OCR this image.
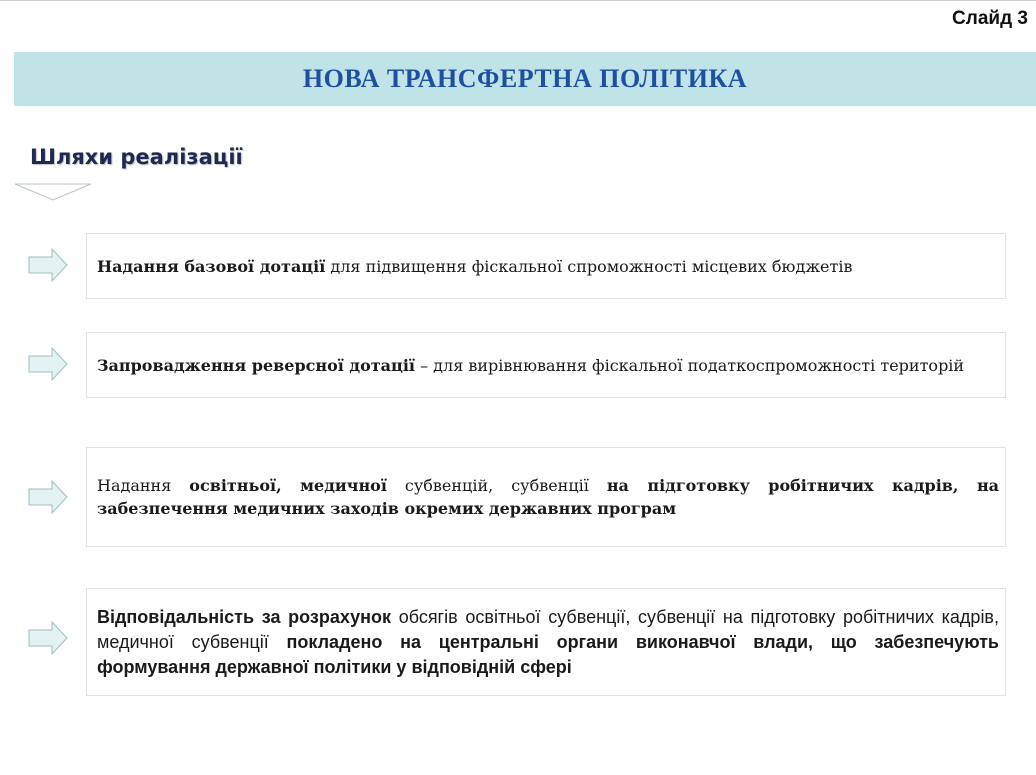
Слайд 3
НОВА ТРАНСФЕРТНА ПОЛІТИКА
Шляхи реалізації
Надання базової дотації для підвищення фіскальної спроможності місцевих бюджетів
Запровадження реверсної дотації – для вирівнювання фіскальної податкоспроможності територій
Надання освітньої, медичної субвенцій, субвенції на підготовку робітничих кадрів, на забезпечення медичних заходів окремих державних програм
Відповідальність за розрахунок обсягів освітньої субвенції, субвенції на підготовку робітничих кадрів, медичної субвенції покладено на центральні органи виконавчої влади, що забезпечують формування державної політики у відповідній сфері
